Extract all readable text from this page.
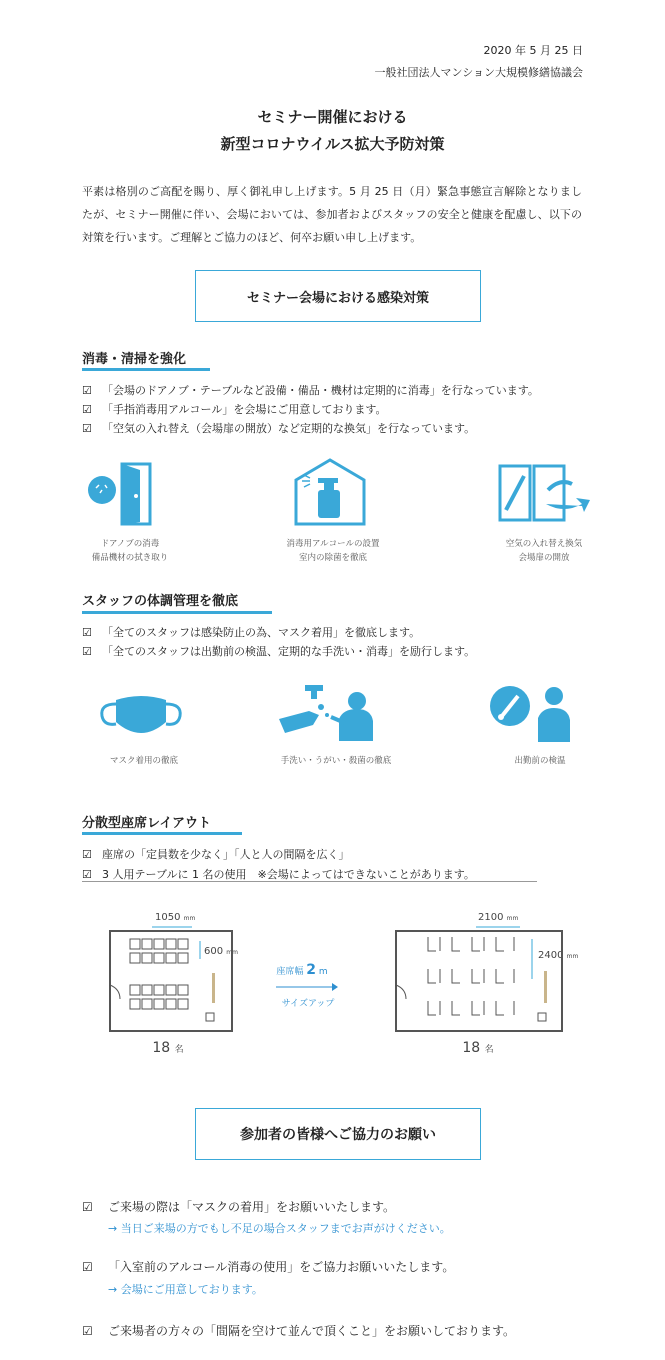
2020 年 5 月 25 日
一般社団法人マンション大規模修繕協議会
セミナー開催における
新型コロナウイルス拡大予防対策
平素は格別のご高配を賜り、厚く御礼申し上げます。5 月 25 日（月）緊急事態宣言解除となりましたが、セミナー開催に伴い、会場においては、参加者およびスタッフの安全と健康を配慮し、以下の対策を行います。ご理解とご協力のほど、何卒お願い申し上げます。
セミナー会場における感染対策
消毒・清掃を強化
☑ 「会場のドアノブ・テーブルなど設備・備品・機材は定期的に消毒」を行なっています。
☑ 「手指消毒用アルコール」を会場にご用意しております。
☑ 「空気の入れ替え（会場扉の開放）など定期的な換気」を行なっています。
ドアノブの消毒
備品機材の拭き取り
消毒用アルコールの設置
室内の除菌を徹底
空気の入れ替え換気
会場扉の開放
スタッフの体調管理を徹底
☑ 「全てのスタッフは感染防止の為、マスク着用」を徹底します。
☑ 「全てのスタッフは出勤前の検温、定期的な手洗い・消毒」を励行します。
マスク着用の徹底	手洗い・うがい・殺菌の徹底	出勤前の検温
分散型座席レイアウト
☑ 座席の「定員数を少なく」「人と人の間隔を広く」
☑ 3 人用テーブルに 1 名の使用　※会場によってはできないことがあります。
1050 mm
600 mm
18 名
座席幅 2 m
サイズアップ
2100 mm
2400 mm
18 名
参加者の皆様へご協力のお願い
☑ ご来場の際は「マスクの着用」をお願いいたします。
→ 当日ご来場の方でもし不足の場合スタッフまでお声がけください。
☑ 「入室前のアルコール消毒の使用」をご協力お願いいたします。
→ 会場にご用意しております。
☑ ご来場者の方々の「間隔を空けて並んで頂くこと」をお願いしております。
